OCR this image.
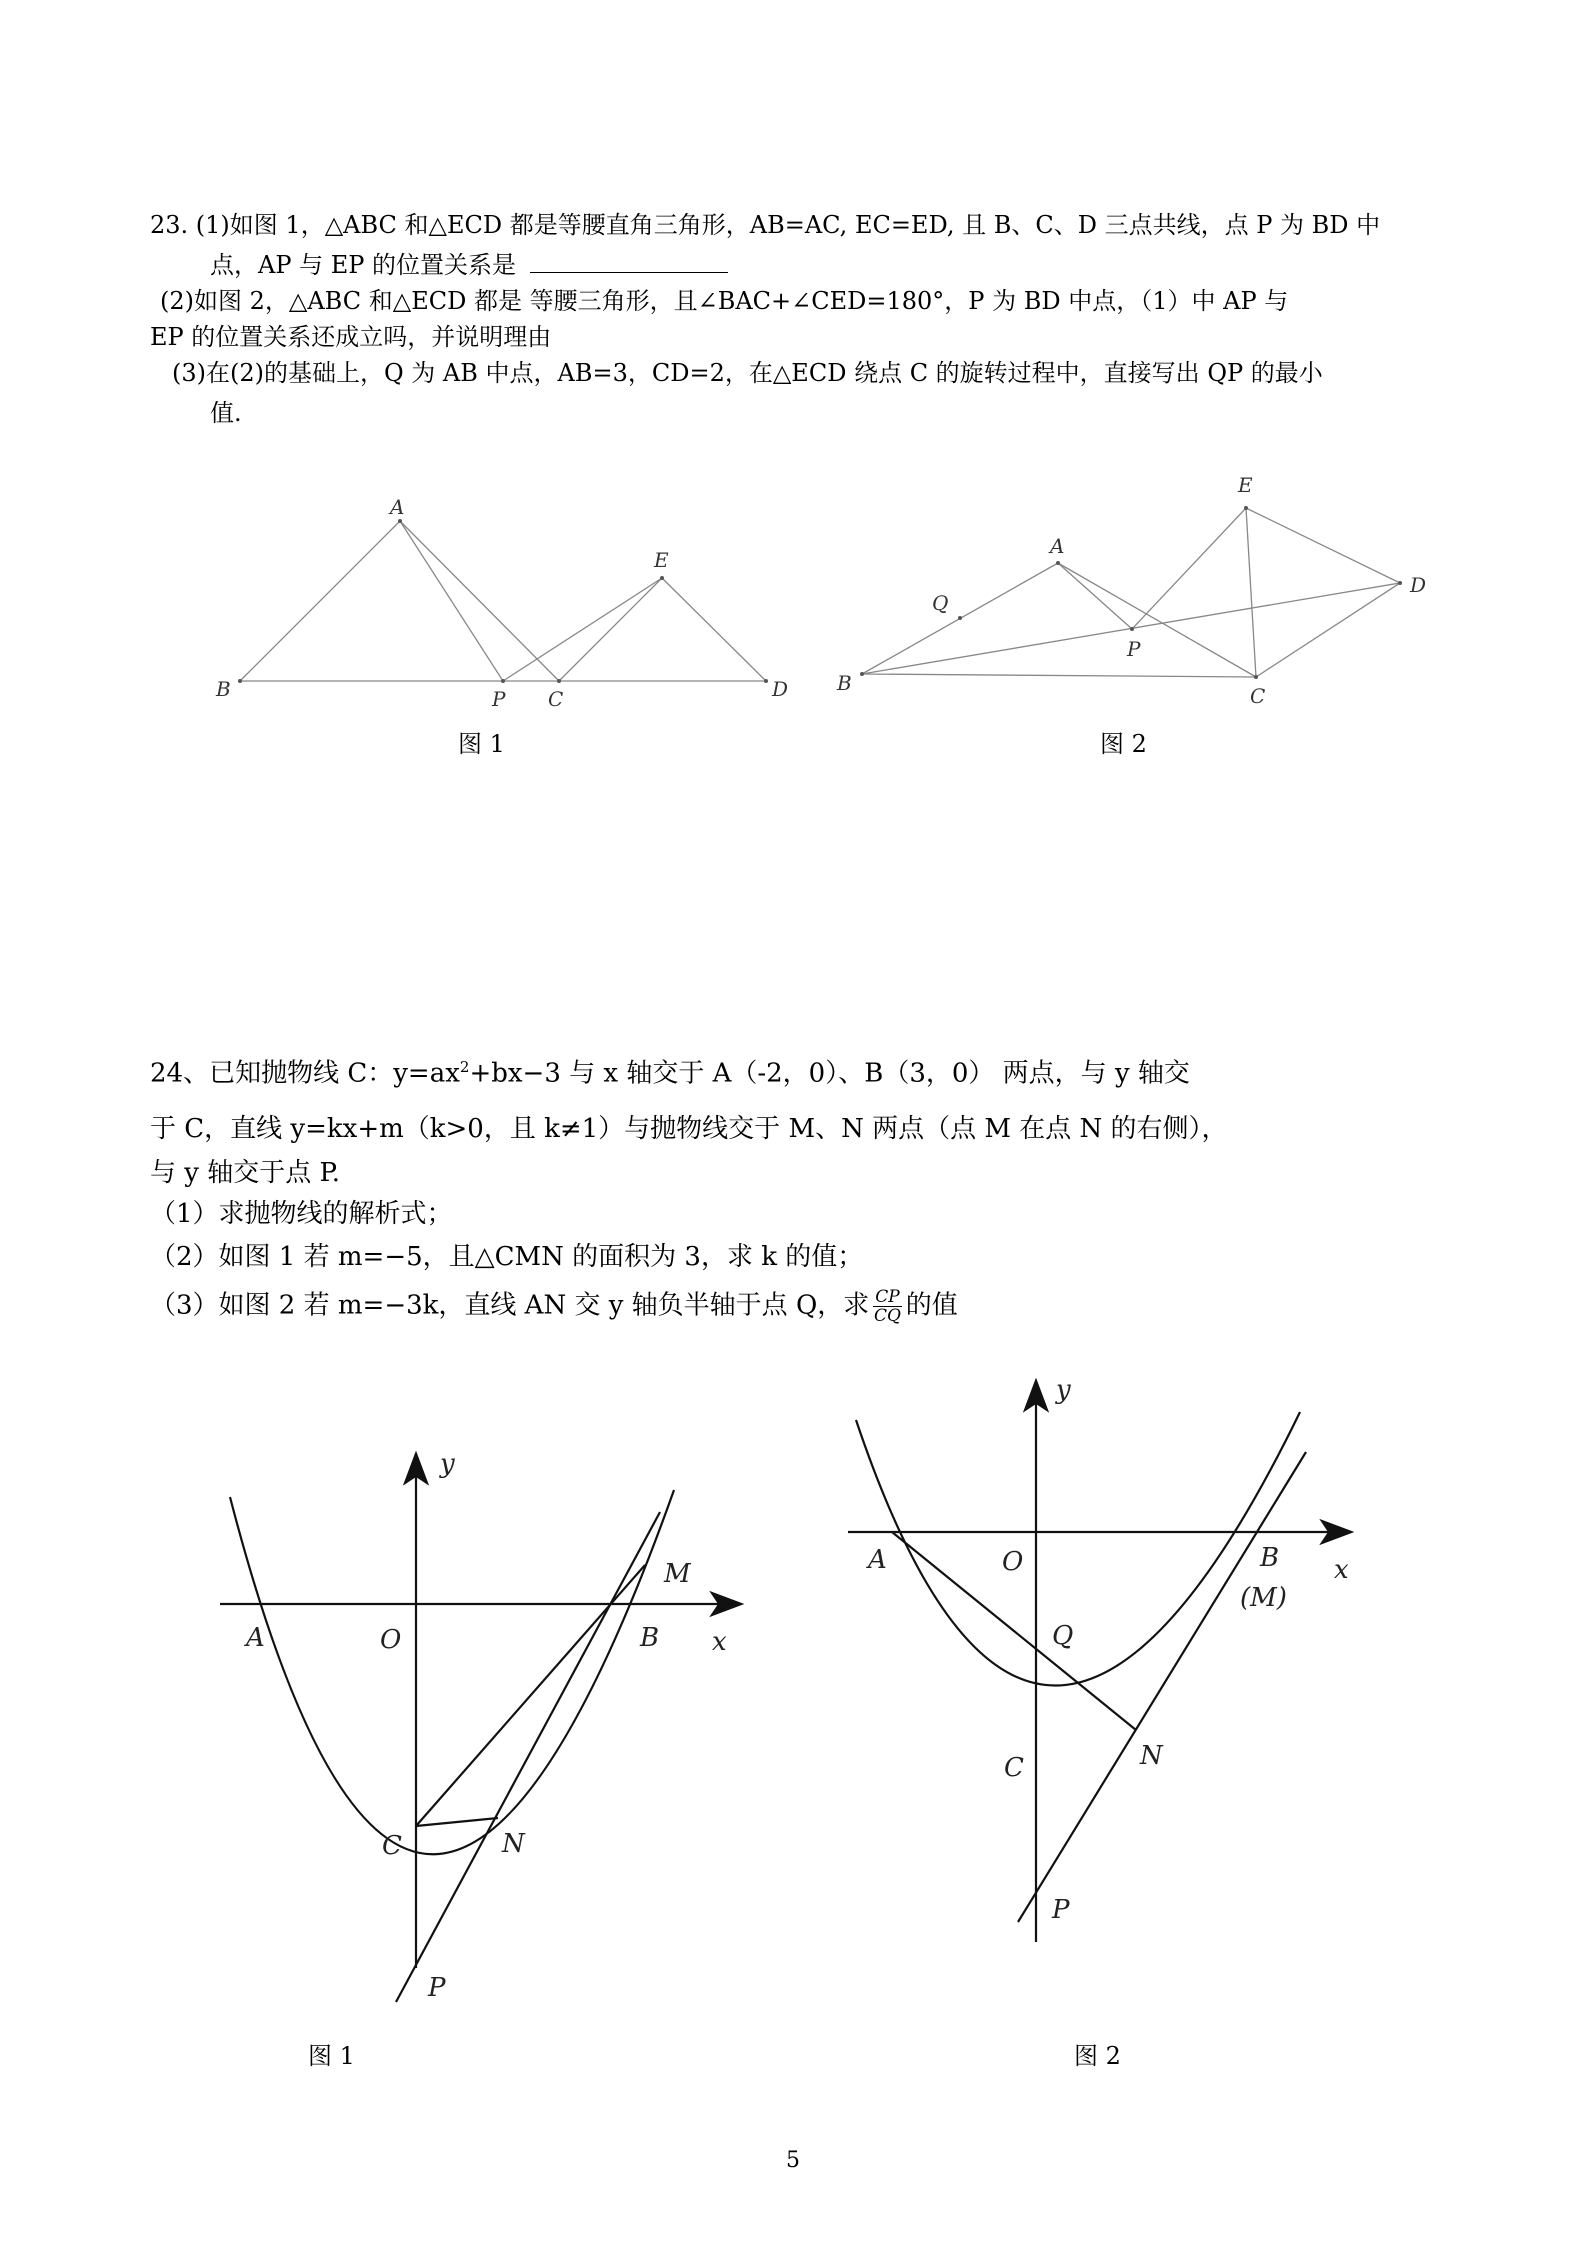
23. (1)如图 1，△ABC 和△ECD 都是等腰直角三角形，AB=AC, EC=ED, 且 B、C、D 三点共线，点 P 为 BD 中
点，AP 与 EP 的位置关系是
(2)如图 2，△ABC 和△ECD 都是 等腰三角形，且∠BAC+∠CED=180°，P 为 BD 中点，（1）中 AP 与
EP 的位置关系还成立吗，并说明理由
(3)在(2)的基础上，Q 为 AB 中点，AB=3，CD=2，在△ECD 绕点 C 的旋转过程中，直接写出 QP 的最小
值.
A
B	P C	D
E
A
B
C
D
E
P
Q
图 1	图 2
24、已知抛物线 C：$y=ax^2+bx-3$ 与 x 轴交于 A（-2，0）、B（3，0） 两点，与 y 轴交
于 C，直线 y=kx+m（k>0，且 k≠1）与抛物线交于 M、N 两点（点 M 在点 N 的右侧），
与 y 轴交于点 P.
（1）求抛物线的解析式；
（2）如图 1 若 m=−5，且△CMN 的面积为 3，求 k 的值；
（3）如图 2 若 m=−3k，直线 AN 交 y 轴负半轴于点 Q，求 $\frac{CP}{CQ}$ 的值
y
x
A	O	B
M
C	N
P
y
x
A	O	B
(M)
Q
C	N
P
图 1	图 2
5
